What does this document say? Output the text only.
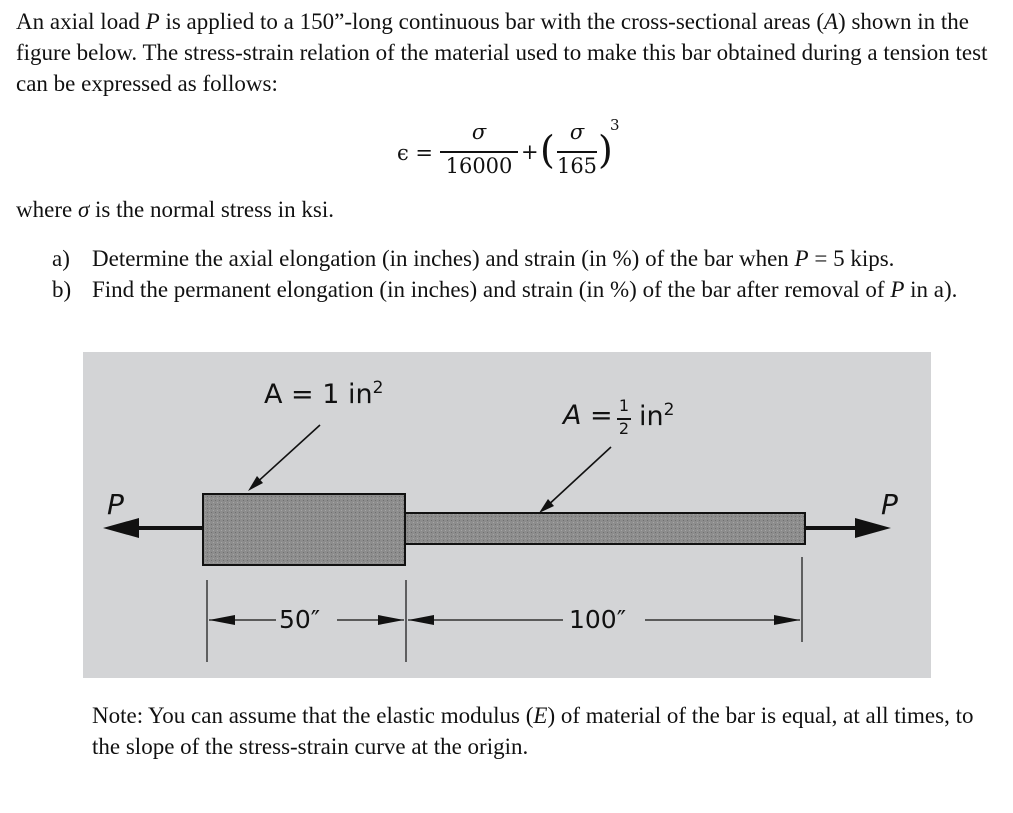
An axial load P is applied to a 150”-long continuous bar with the cross-sectional areas (A) shown in the figure below. The stress-strain relation of the material used to make this bar obtained during a tension test can be expressed as follows:
ϵ =
σ
16000
+ ( σ
165 )
3
where σ is the normal stress in ksi.
a) Determine the axial elongation (in inches) and strain (in %) of the bar when P = 5 kips.
b) Find the permanent elongation (in inches) and strain (in %) of the bar after removal of P in a).
A = 1 $in^2$
A = 1
2 $in^2$
P	P
50″	100″
Note: You can assume that the elastic modulus (E) of material of the bar is equal, at all times, to the slope of the stress-strain curve at the origin.
